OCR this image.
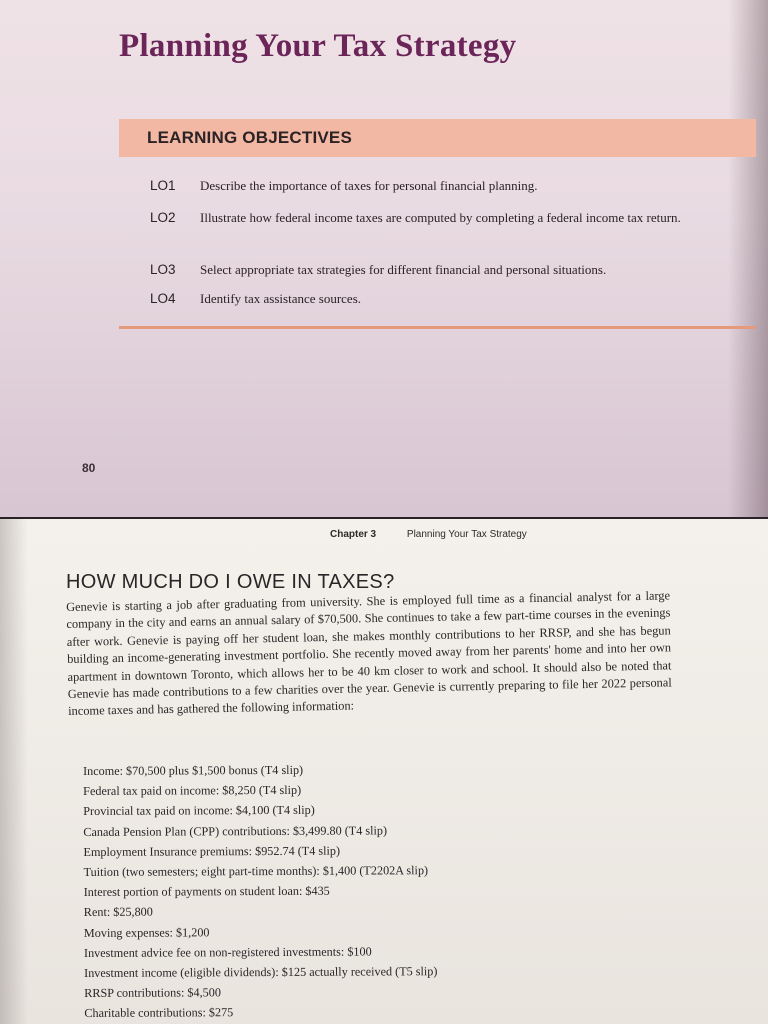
Planning Your Tax Strategy
LEARNING OBJECTIVES
LO1 Describe the importance of taxes for personal financial planning.
LO2 Illustrate how federal income taxes are computed by completing a federal income tax return.
LO3 Select appropriate tax strategies for different financial and personal situations.
LO4 Identify tax assistance sources.
80
Chapter 3	Planning Your Tax Strategy
HOW MUCH DO I OWE IN TAXES?
Genevie is starting a job after graduating from university. She is employed full time as a financial analyst for a large company in the city and earns an annual salary of $70,500. She continues to take a few part-time courses in the evenings after work. Genevie is paying off her student loan, she makes monthly contributions to her RRSP, and she has begun building an income-generating investment portfolio. She recently moved away from her parents' home and into her own apartment in downtown Toronto, which allows her to be 40 km closer to work and school. It should also be noted that Genevie has made contributions to a few charities over the year. Genevie is currently preparing to file her 2022 personal income taxes and has gathered the following information:
Income: $70,500 plus $1,500 bonus (T4 slip)
Federal tax paid on income: $8,250 (T4 slip)
Provincial tax paid on income: $4,100 (T4 slip)
Canada Pension Plan (CPP) contributions: $3,499.80 (T4 slip)
Employment Insurance premiums: $952.74 (T4 slip)
Tuition (two semesters; eight part-time months): $1,400 (T2202A slip)
Interest portion of payments on student loan: $435
Rent: $25,800
Moving expenses: $1,200
Investment advice fee on non-registered investments: $100
Investment income (eligible dividends): $125 actually received (T5 slip)
RRSP contributions: $4,500
Charitable contributions: $275
